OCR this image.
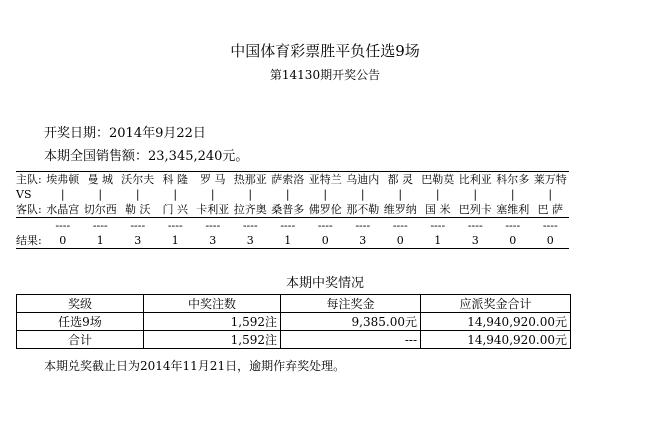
中国体育彩票胜平负任选9场
第14130期开奖公告
开奖日期：2014年9月22日
本期全国销售额：23,345,240元。
主队:	埃弗顿	曼 城	沃尔夫	科 隆	罗 马	热那亚	萨索洛	亚特兰	乌迪内	都 灵	巴勒莫	比利亚	科尔多	莱万特
VS	|	|	|	|	|	|	|	|	|	|	|	|	|	|
客队:	水晶宫	切尔西	勒 沃	门 兴	卡利亚	拉齐奥	桑普多	佛罗伦	那不勒	维罗纳	国 米	巴列卡	塞维利	巴 萨
	----	----	----	----	----	----	----	----	----	----	----	----	----	----
结果:	0	1	3	1	3	3	1	0	3	0	1	3	0	0
本期中奖情况
奖级	中奖注数	每注奖金	应派奖金合计
任选9场	1,592注	9,385.00元	14,940,920.00元
合计	1,592注	---	14,940,920.00元
本期兑奖截止日为2014年11月21日，逾期作弃奖处理。
